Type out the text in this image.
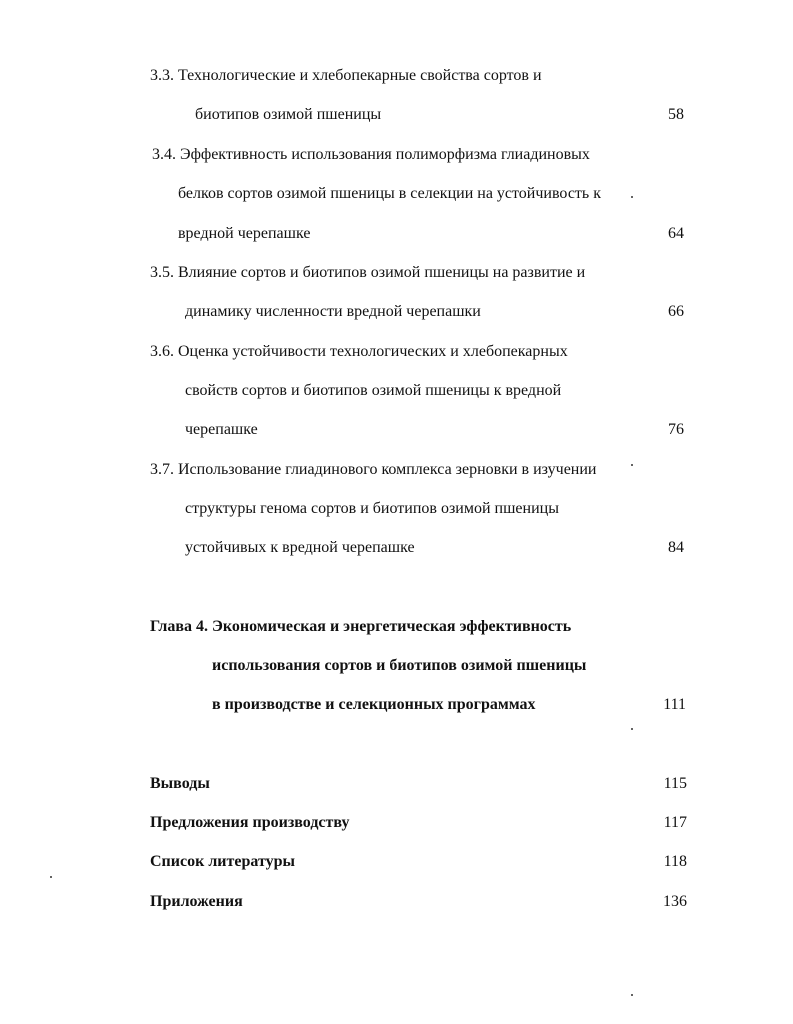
3.3. Технологические и хлебопекарные свойства сортов и
биотипов озимой пшеницы	58
3.4. Эффективность использования полиморфизма глиадиновых
белков сортов озимой пшеницы в селекции на устойчивость к
вредной черепашке	64
3.5. Влияние сортов и биотипов озимой пшеницы на развитие и
динамику численности вредной черепашки	66
3.6. Оценка устойчивости технологических и хлебопекарных
свойств сортов и биотипов озимой пшеницы к вредной
черепашке	76
3.7. Использование глиадинового комплекса зерновки в изучении
структуры генома сортов и биотипов озимой пшеницы
устойчивых к вредной черепашке	84
Глава 4. Экономическая и энергетическая эффективность
использования сортов и биотипов озимой пшеницы
в производстве и селекционных программах	111
Выводы	115
Предложения производству	117
Список литературы	118
Приложения	136
